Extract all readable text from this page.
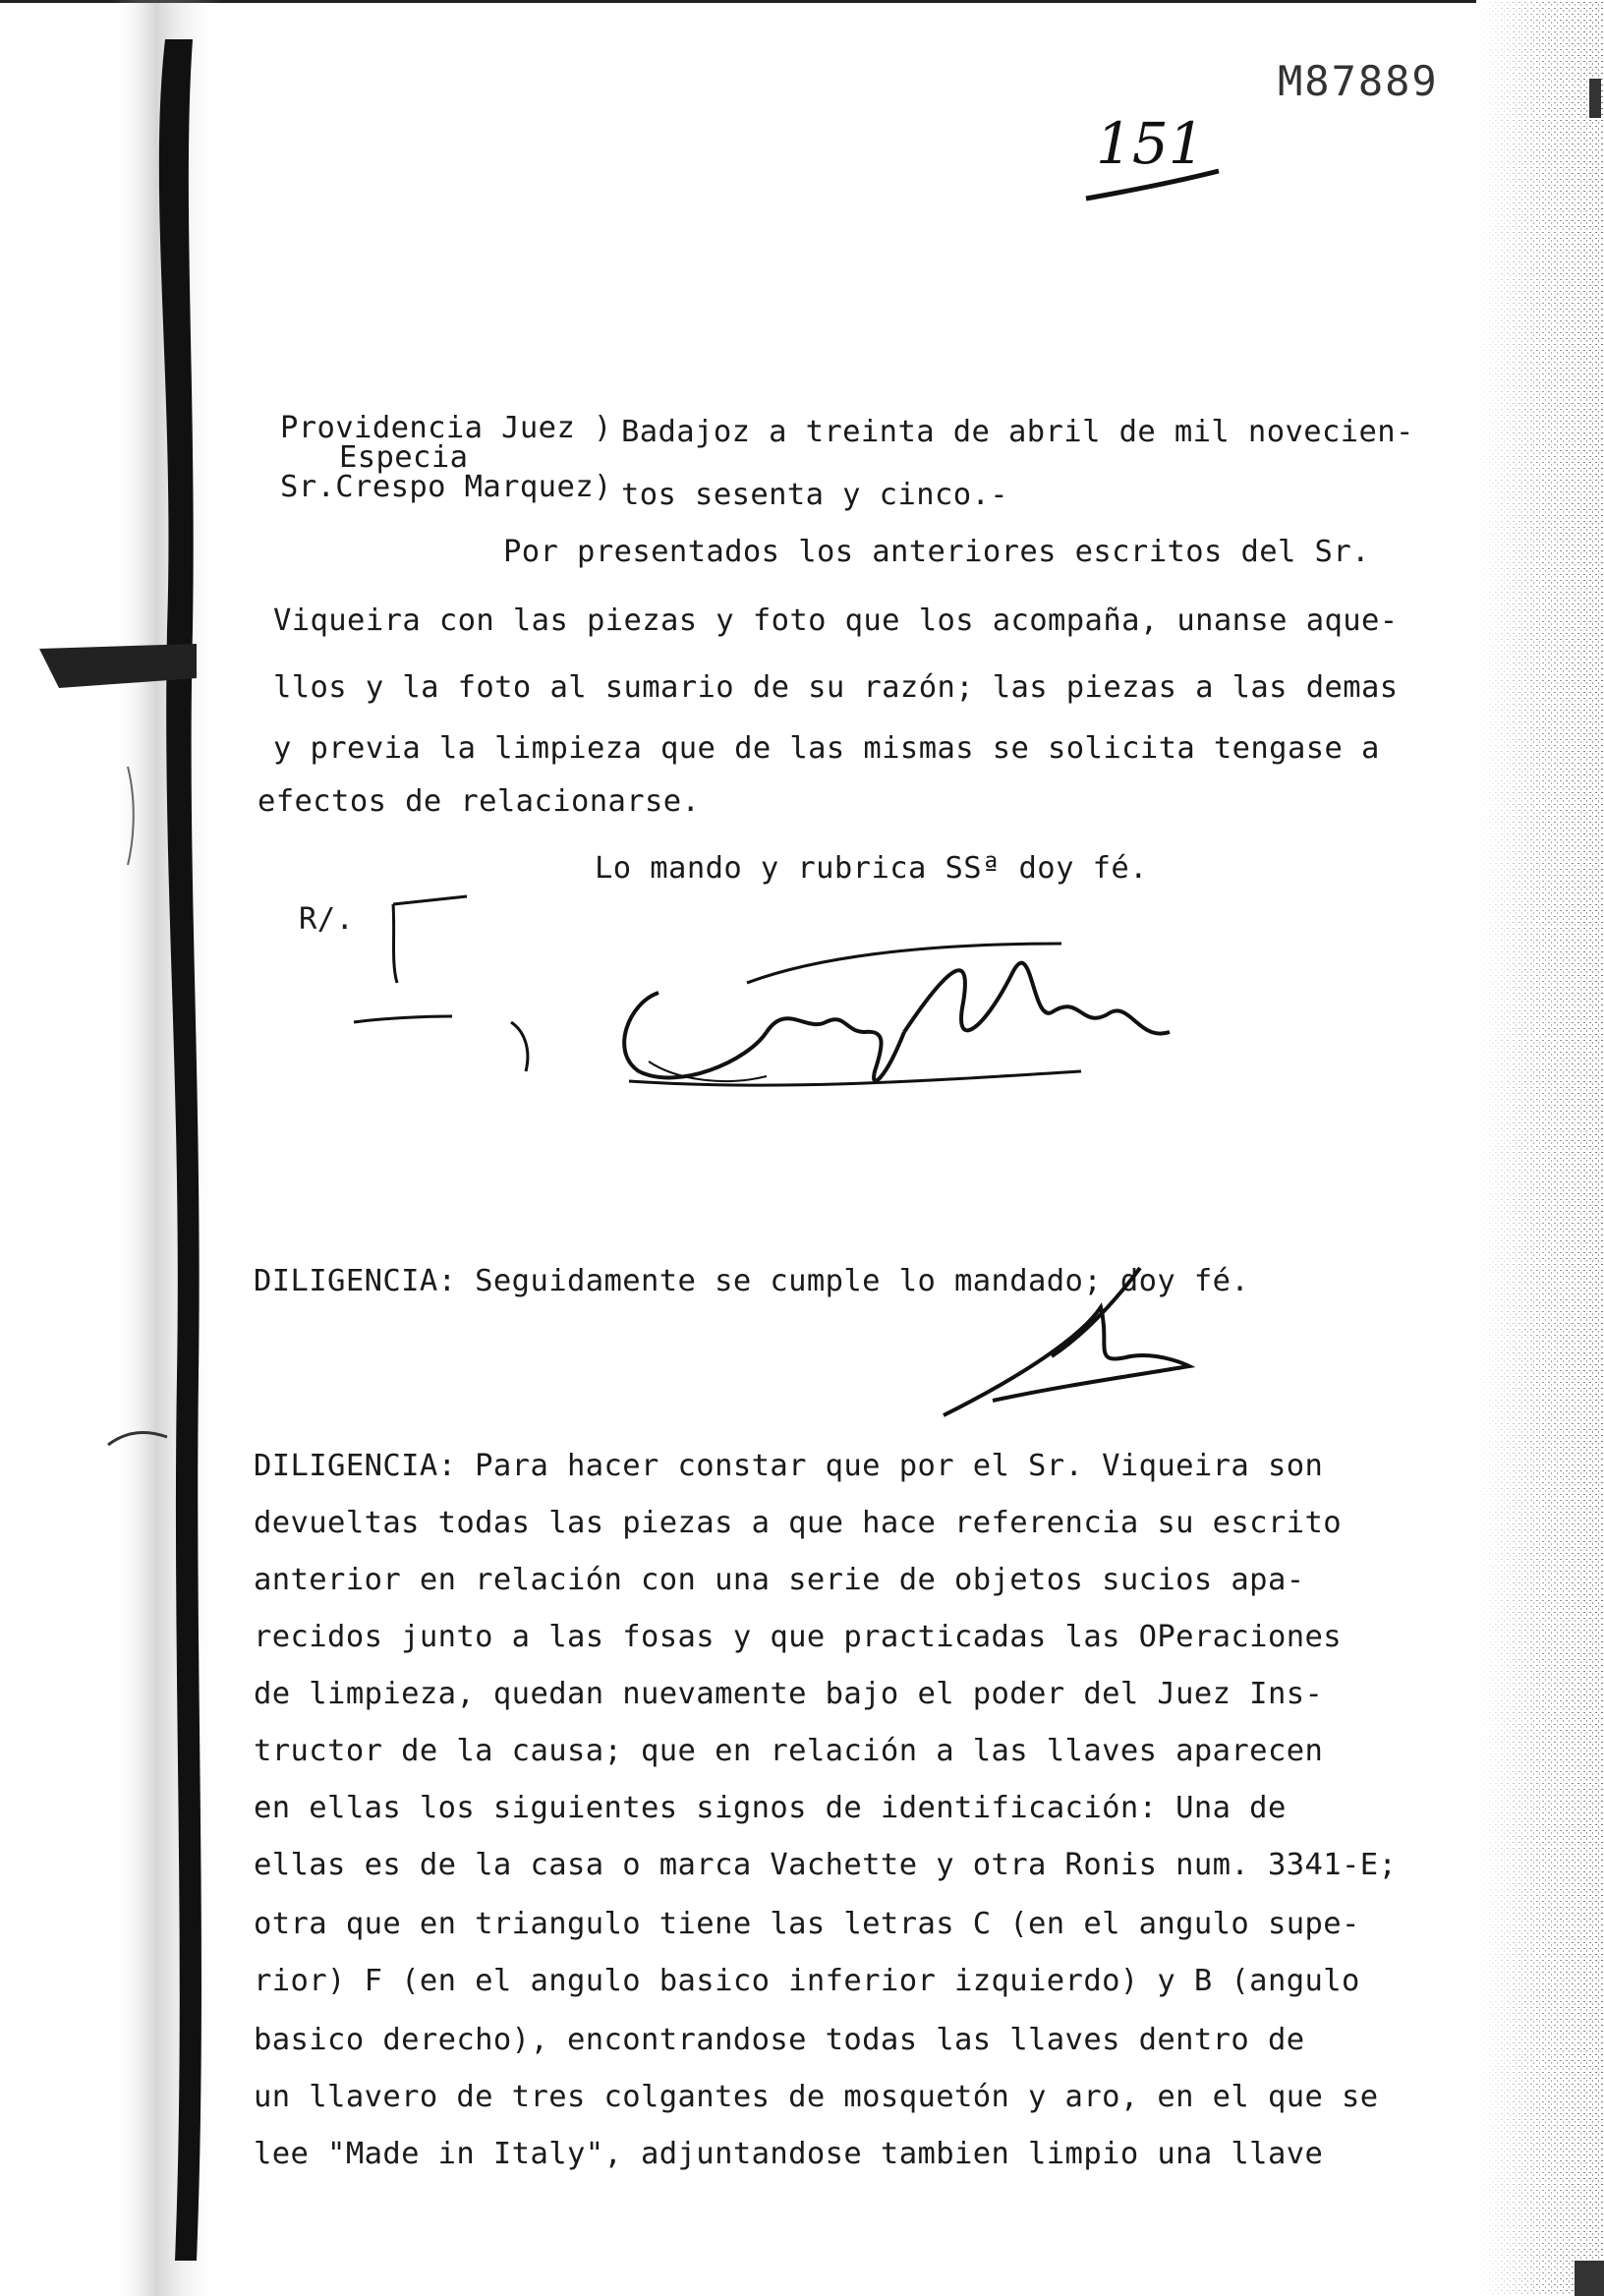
M87889
151
Providencia Juez )
Especia
Sr.Crespo Marquez)
Badajoz a treinta de abril de mil novecien-
tos sesenta y cinco.-
Por presentados los anteriores escritos del Sr.
Viqueira con las piezas y foto que los acompaña, unanse aque-
llos y la foto al sumario de su razón; las piezas a las demas
y previa la limpieza que de las mismas se solicita tengase a
efectos de relacionarse.
Lo mando y rubrica SSª doy fé.
R/.
DILIGENCIA: Seguidamente se cumple lo mandado; doy fé.
DILIGENCIA: Para hacer constar que por el Sr. Viqueira son
devueltas todas las piezas a que hace referencia su escrito
anterior en relación con una serie de objetos sucios apa-
recidos junto a las fosas y que practicadas las OPeraciones
de limpieza, quedan nuevamente bajo el poder del Juez Ins-
tructor de la causa; que en relación a las llaves aparecen
en ellas los siguientes signos de identificación: Una de
ellas es de la casa o marca Vachette y otra Ronis num. 3341-E;
otra que en triangulo tiene las letras C (en el angulo supe-
rior) F (en el angulo basico inferior izquierdo) y B (angulo
basico derecho), encontrandose todas las llaves dentro de
un llavero de tres colgantes de mosquetón y aro, en el que se
lee "Made in Italy", adjuntandose tambien limpio una llave
